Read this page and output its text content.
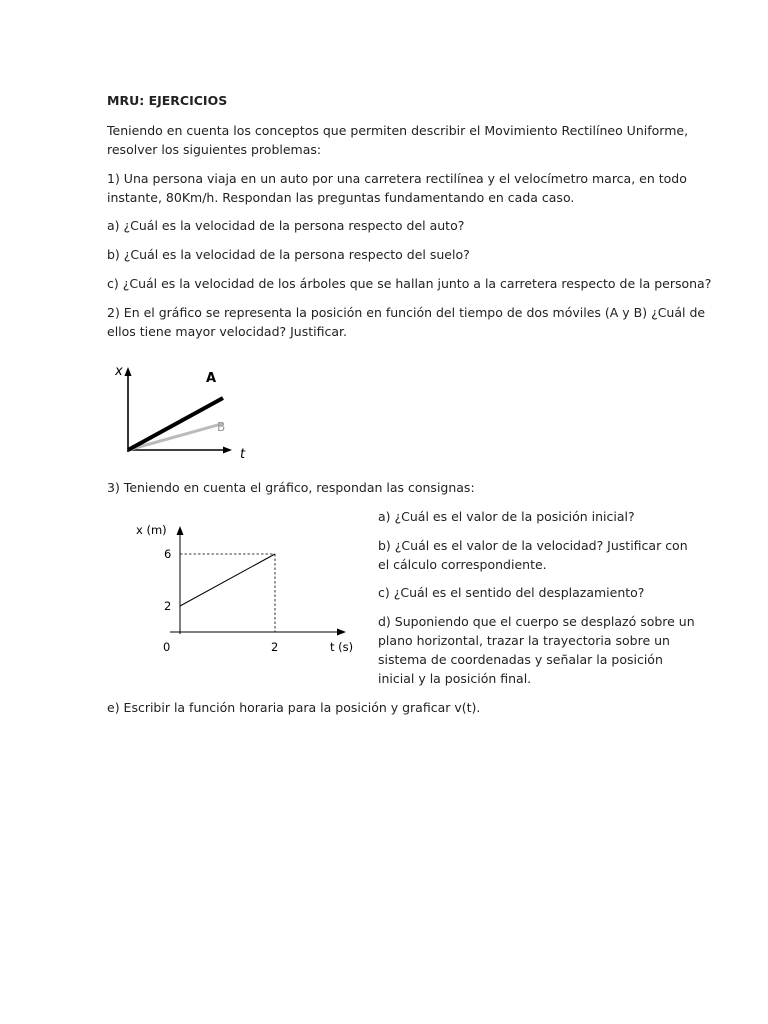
MRU: EJERCICIOS
Teniendo en cuenta los conceptos que permiten describir el Movimiento Rectilíneo Uniforme,
resolver los siguientes problemas:
1) Una persona viaja en un auto por una carretera rectilínea y el velocímetro marca, en todo
instante, 80Km/h. Respondan las preguntas fundamentando en cada caso.
a) ¿Cuál es la velocidad de la persona respecto del auto?
b) ¿Cuál es la velocidad de la persona respecto del suelo?
c) ¿Cuál es la velocidad de los árboles que se hallan junto a la carretera respecto de la persona?
2) En el gráfico se representa la posición en función del tiempo de dos móviles (A y B) ¿Cuál de
ellos tiene mayor velocidad? Justificar.
x
t
A
B
3) Teniendo en cuenta el gráfico, respondan las consignas:
x (m)
t (s)
0
2
6
2
a) ¿Cuál es el valor de la posición inicial?
b) ¿Cuál es el valor de la velocidad? Justificar con
el cálculo correspondiente.
c) ¿Cuál es el sentido del desplazamiento?
d) Suponiendo que el cuerpo se desplazó sobre un
plano horizontal, trazar la trayectoria sobre un
sistema de coordenadas y señalar la posición
inicial y la posición final.
e) Escribir la función horaria para la posición y graficar v(t).
